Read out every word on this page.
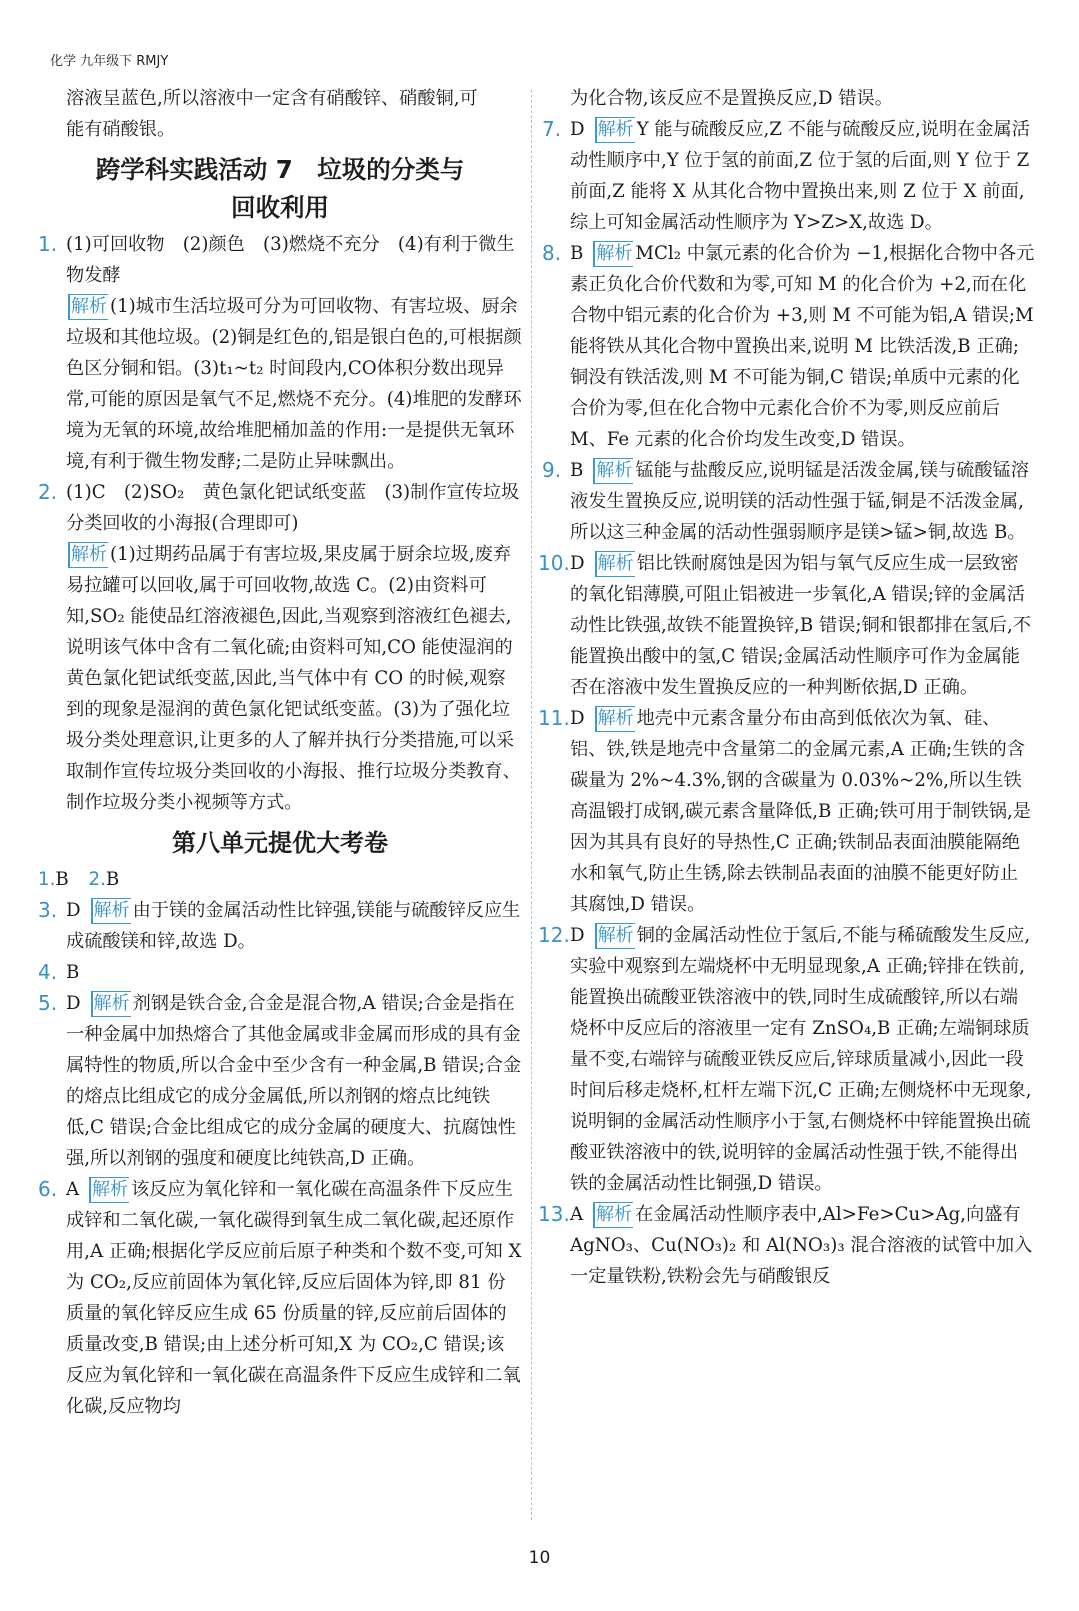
化学 九年级下 RMJY
溶液呈蓝色,所以溶液中一定含有硝酸锌、硝酸铜,可
能有硝酸银。
跨学科实践活动 7　垃圾的分类与
回收利用
1. (1)可回收物　(2)颜色　(3)燃烧不充分　(4)有利于微生物发酵
解析 (1)城市生活垃圾可分为可回收物、有害垃圾、厨余垃圾和其他垃圾。(2)铜是红色的,铝是银白色的,可根据颜色区分铜和铝。(3)t₁~t₂ 时间段内,CO体积分数出现异常,可能的原因是氧气不足,燃烧不充分。(4)堆肥的发酵环境为无氧的环境,故给堆肥桶加盖的作用:一是提供无氧环境,有利于微生物发酵;二是防止异味飘出。
2. (1)C　(2)SO₂　黄色氯化钯试纸变蓝　(3)制作宣传垃圾分类回收的小海报(合理即可)
解析 (1)过期药品属于有害垃圾,果皮属于厨余垃圾,废弃易拉罐可以回收,属于可回收物,故选 C。(2)由资料可知,SO₂ 能使品红溶液褪色,因此,当观察到溶液红色褪去,说明该气体中含有二氧化硫;由资料可知,CO 能使湿润的黄色氯化钯试纸变蓝,因此,当气体中有 CO 的时候,观察到的现象是湿润的黄色氯化钯试纸变蓝。(3)为了强化垃圾分类处理意识,让更多的人了解并执行分类措施,可以采取制作宣传垃圾分类回收的小海报、推行垃圾分类教育、制作垃圾分类小视频等方式。
第八单元提优大考卷
1.B 2.B
3. D 解析 由于镁的金属活动性比锌强,镁能与硫酸锌反应生成硫酸镁和锌,故选 D。
4. B
5. D 解析 剂钢是铁合金,合金是混合物,A 错误;合金是指在一种金属中加热熔合了其他金属或非金属而形成的具有金属特性的物质,所以合金中至少含有一种金属,B 错误;合金的熔点比组成它的成分金属低,所以剂钢的熔点比纯铁低,C 错误;合金比组成它的成分金属的硬度大、抗腐蚀性强,所以剂钢的强度和硬度比纯铁高,D 正确。
6. A 解析 该反应为氧化锌和一氧化碳在高温条件下反应生成锌和二氧化碳,一氧化碳得到氧生成二氧化碳,起还原作用,A 正确;根据化学反应前后原子种类和个数不变,可知 X 为 CO₂,反应前固体为氧化锌,反应后固体为锌,即 81 份质量的氧化锌反应生成 65 份质量的锌,反应前后固体的质量改变,B 错误;由上述分析可知,X 为 CO₂,C 错误;该反应为氧化锌和一氧化碳在高温条件下反应生成锌和二氧化碳,反应物均
为化合物,该反应不是置换反应,D 错误。
7. D 解析 Y 能与硫酸反应,Z 不能与硫酸反应,说明在金属活动性顺序中,Y 位于氢的前面,Z 位于氢的后面,则 Y 位于 Z 前面,Z 能将 X 从其化合物中置换出来,则 Z 位于 X 前面,综上可知金属活动性顺序为 Y>Z>X,故选 D。
8. B 解析 MCl₂ 中氯元素的化合价为 −1,根据化合物中各元素正负化合价代数和为零,可知 M 的化合价为 +2,而在化合物中铝元素的化合价为 +3,则 M 不可能为铝,A 错误;M 能将铁从其化合物中置换出来,说明 M 比铁活泼,B 正确;铜没有铁活泼,则 M 不可能为铜,C 错误;单质中元素的化合价为零,但在化合物中元素化合价不为零,则反应前后 M、Fe 元素的化合价均发生改变,D 错误。
9. B 解析 锰能与盐酸反应,说明锰是活泼金属,镁与硫酸锰溶液发生置换反应,说明镁的活动性强于锰,铜是不活泼金属,所以这三种金属的活动性强弱顺序是镁>锰>铜,故选 B。
10. D 解析 铝比铁耐腐蚀是因为铝与氧气反应生成一层致密的氧化铝薄膜,可阻止铝被进一步氧化,A 错误;锌的金属活动性比铁强,故铁不能置换锌,B 错误;铜和银都排在氢后,不能置换出酸中的氢,C 错误;金属活动性顺序可作为金属能否在溶液中发生置换反应的一种判断依据,D 正确。
11. D 解析 地壳中元素含量分布由高到低依次为氧、硅、铝、铁,铁是地壳中含量第二的金属元素,A 正确;生铁的含碳量为 2%~4.3%,钢的含碳量为 0.03%~2%,所以生铁高温锻打成钢,碳元素含量降低,B 正确;铁可用于制铁锅,是因为其具有良好的导热性,C 正确;铁制品表面油膜能隔绝水和氧气,防止生锈,除去铁制品表面的油膜不能更好防止其腐蚀,D 错误。
12. D 解析 铜的金属活动性位于氢后,不能与稀硫酸发生反应,实验中观察到左端烧杯中无明显现象,A 正确;锌排在铁前,能置换出硫酸亚铁溶液中的铁,同时生成硫酸锌,所以右端烧杯中反应后的溶液里一定有 ZnSO₄,B 正确;左端铜球质量不变,右端锌与硫酸亚铁反应后,锌球质量减小,因此一段时间后移走烧杯,杠杆左端下沉,C 正确;左侧烧杯中无现象,说明铜的金属活动性顺序小于氢,右侧烧杯中锌能置换出硫酸亚铁溶液中的铁,说明锌的金属活动性强于铁,不能得出铁的金属活动性比铜强,D 错误。
13. A 解析 在金属活动性顺序表中,Al>Fe>Cu>Ag,向盛有 AgNO₃、Cu(NO₃)₂ 和 Al(NO₃)₃ 混合溶液的试管中加入一定量铁粉,铁粉会先与硝酸银反
10
